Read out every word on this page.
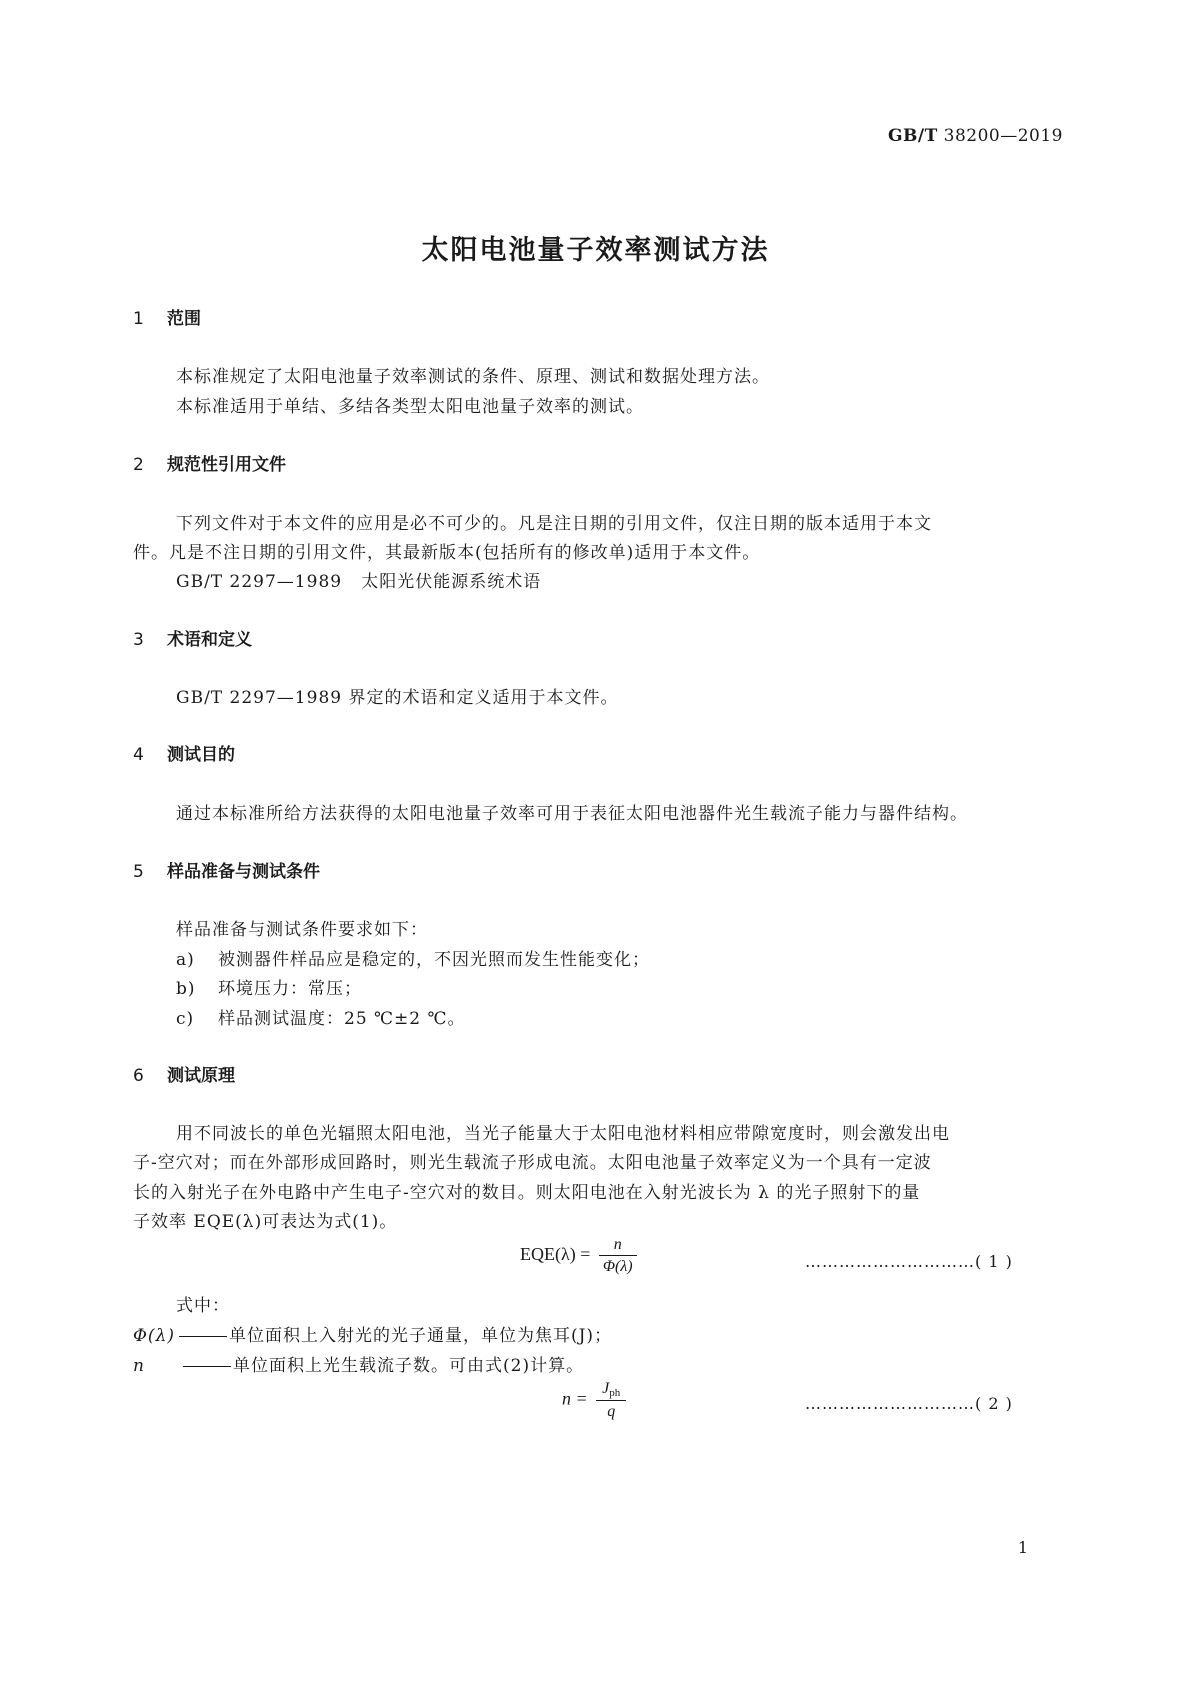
GB/T 38200—2019
太阳电池量子效率测试方法
1 范围
本标准规定了太阳电池量子效率测试的条件、原理、测试和数据处理方法。
本标准适用于单结、多结各类型太阳电池量子效率的测试。
2 规范性引用文件
下列文件对于本文件的应用是必不可少的。凡是注日期的引用文件，仅注日期的版本适用于本文
件。凡是不注日期的引用文件，其最新版本(包括所有的修改单)适用于本文件。
GB/T 2297—1989 太阳光伏能源系统术语
3 术语和定义
GB/T 2297—1989 界定的术语和定义适用于本文件。
4 测试目的
通过本标准所给方法获得的太阳电池量子效率可用于表征太阳电池器件光生载流子能力与器件结构。
5 样品准备与测试条件
样品准备与测试条件要求如下：
a) 被测器件样品应是稳定的，不因光照而发生性能变化；
b) 环境压力：常压；
c) 样品测试温度：25 ℃±2 ℃。
6 测试原理
用不同波长的单色光辐照太阳电池，当光子能量大于太阳电池材料相应带隙宽度时，则会激发出电
子-空穴对；而在外部形成回路时，则光生载流子形成电流。太阳电池量子效率定义为一个具有一定波
长的入射光子在外电路中产生电子-空穴对的数目。则太阳电池在入射光波长为 λ 的光子照射下的量
子效率 EQE(λ)可表达为式(1)。
$EQE(\lambda) = \frac{n}{\Phi(\lambda)}$	…………………………( 1 )
式中：
Φ(λ)	单位面积上入射光的光子通量，单位为焦耳(J)；
n	单位面积上光生载流子数。可由式(2)计算。
$n = \frac{J_{ph}}{q}$	…………………………( 2 )
1
